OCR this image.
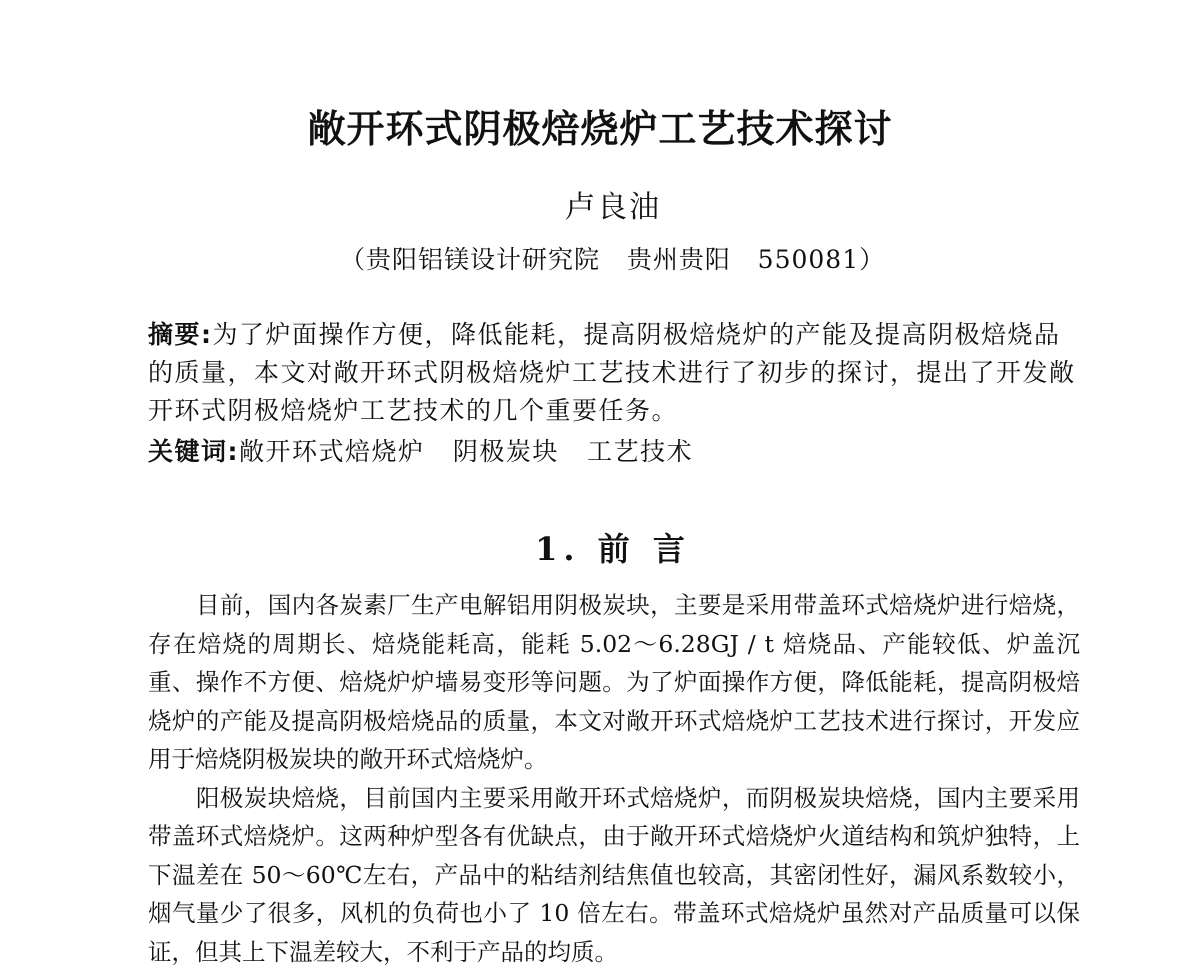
敞开环式阴极焙烧炉工艺技术探讨
卢良油
（贵阳铝镁设计研究院   贵州贵阳   550081）
摘要:为了炉面操作方便，降低能耗，提高阴极焙烧炉的产能及提高阴极焙烧品的质量，本文对敞开环式阴极焙烧炉工艺技术进行了初步的探讨，提出了开发敞开环式阴极焙烧炉工艺技术的几个重要任务。
关键词:敞开环式焙烧炉   阴极炭块   工艺技术
1. 前 言

目前，国内各炭素厂生产电解铝用阴极炭块，主要是采用带盖环式焙烧炉进行焙烧，存在焙烧的周期长、焙烧能耗高，能耗 5.02～6.28GJ / t 焙烧品、产能较低、炉盖沉重、操作不方便、焙烧炉炉墙易变形等问题。为了炉面操作方便，降低能耗，提高阴极焙烧炉的产能及提高阴极焙烧品的质量，本文对敞开环式焙烧炉工艺技术进行探讨，开发应用于焙烧阴极炭块的敞开环式焙烧炉。

阳极炭块焙烧，目前国内主要采用敞开环式焙烧炉，而阴极炭块焙烧，国内主要采用带盖环式焙烧炉。这两种炉型各有优缺点，由于敞开环式焙烧炉火道结构和筑炉独特，上下温差在 50～60℃左右，产品中的粘结剂结焦值也较高，其密闭性好，漏风系数较小，烟气量少了很多，风机的负荷也小了 10 倍左右。带盖环式焙烧炉虽然对产品质量可以保证，但其上下温差较大，不利于产品的均质。
